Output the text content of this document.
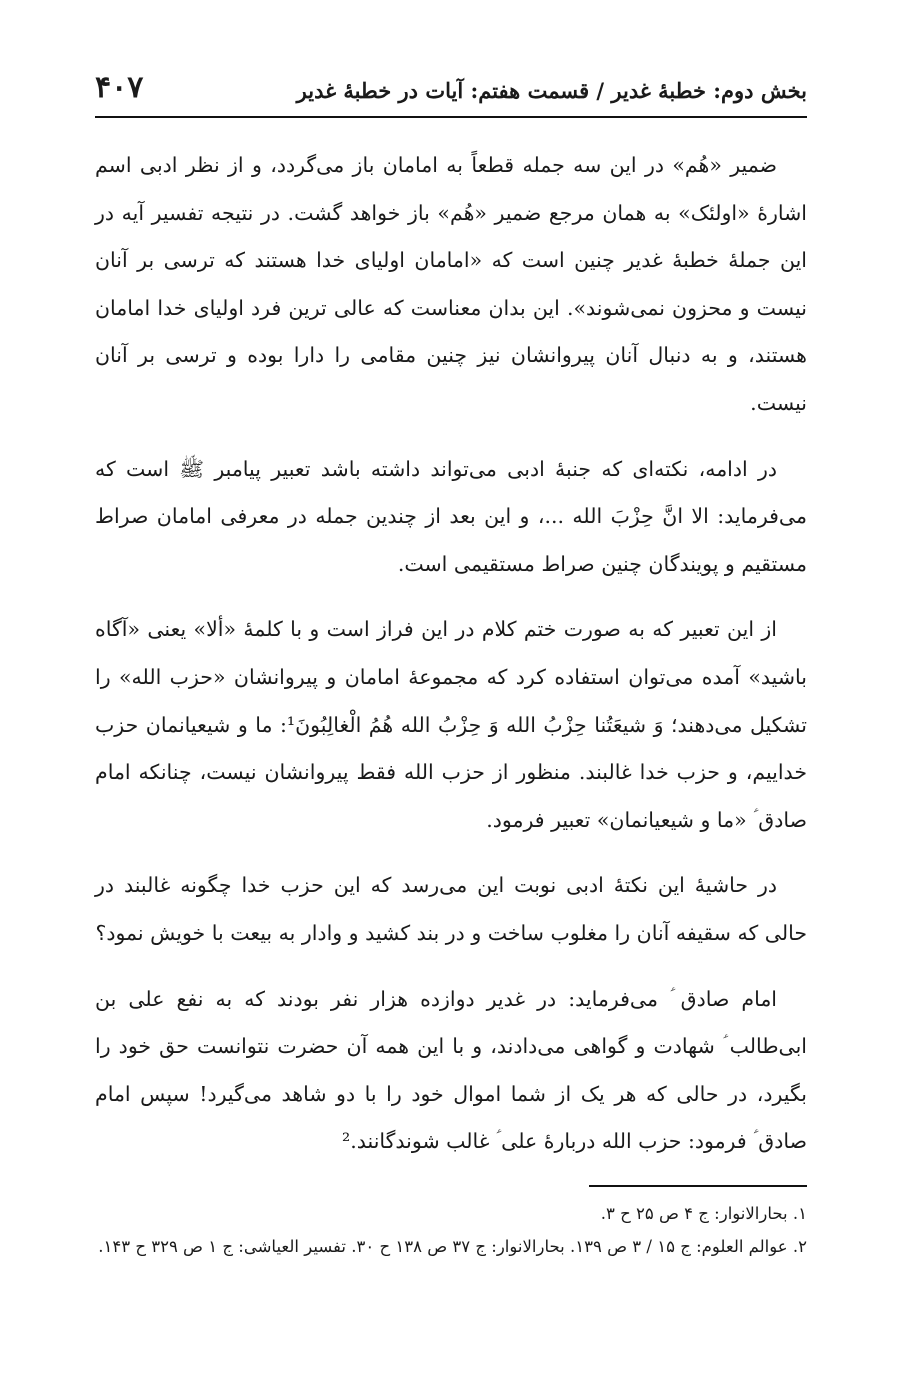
۴۰۷	بخش دوم: خطبهٔ غدیر / قسمت هفتم: آیات در خطبهٔ غدیر

ضمیر «هُم» در این سه جمله قطعاً به امامان باز می‌گردد، و از نظر ادبی اسم اشارهٔ «اولئک» به همان مرجع ضمیر «هُم» باز خواهد گشت. در نتیجه تفسیر آیه در این جملهٔ خطبهٔ غدیر چنین است که «امامان اولیای خدا هستند که ترسی بر آنان نیست و محزون نمی‌شوند». این بدان معناست که عالی ترین فرد اولیای خدا امامان هستند، و به دنبال آنان پیروانشان نیز چنین مقامی را دارا بوده و ترسی بر آنان نیست.

در ادامه، نکته‌ای که جنبهٔ ادبی می‌تواند داشته باشد تعبیر پیامبر ﷺ است که می‌فرماید: الا انَّ حِزْبَ الله ...، و این بعد از چندین جمله در معرفی امامان صراط مستقیم و پویندگان چنین صراط مستقیمی است.

از این تعبیر که به صورت ختم کلام در این فراز است و با کلمهٔ «ألا» یعنی «آگاه باشید» آمده می‌توان استفاده کرد که مجموعهٔ امامان و پیروانشان «حزب الله» را تشکیل می‌دهند؛ وَ شیعَتُنا حِزْبُ الله وَ حِزْبُ الله هُمُ الْغالِبُونَ¹: ما و شیعیانمان حزب خداییم، و حزب خدا غالبند. منظور از حزب الله فقط پیروانشان نیست، چنانکه امام صادق ؑ «ما و شیعیانمان» تعبیر فرمود.

در حاشیهٔ این نکتهٔ ادبی نوبت این می‌رسد که این حزب خدا چگونه غالبند در حالی که سقیفه آنان را مغلوب ساخت و در بند کشید و وادار به بیعت با خویش نمود؟

امام صادق ؑ می‌فرماید: در غدیر دوازده هزار نفر بودند که به نفع علی بن ابی‌طالب ؑ شهادت و گواهی می‌دادند، و با این همه آن حضرت نتوانست حق خود را بگیرد، در حالی که هر یک از شما اموال خود را با دو شاهد می‌گیرد! سپس امام صادق ؑ فرمود: حزب الله دربارهٔ علی ؑ غالب شوندگانند.²

۱. بحارالانوار: ج ۴ ص ۲۵ ح ۳.

۲. عوالم العلوم: ج ۱۵ / ۳ ص ۱۳۹. بحارالانوار: ج ۳۷ ص ۱۳۸ ح ۳۰. تفسیر العیاشی: ج ۱ ص ۳۲۹ ح ۱۴۳.
